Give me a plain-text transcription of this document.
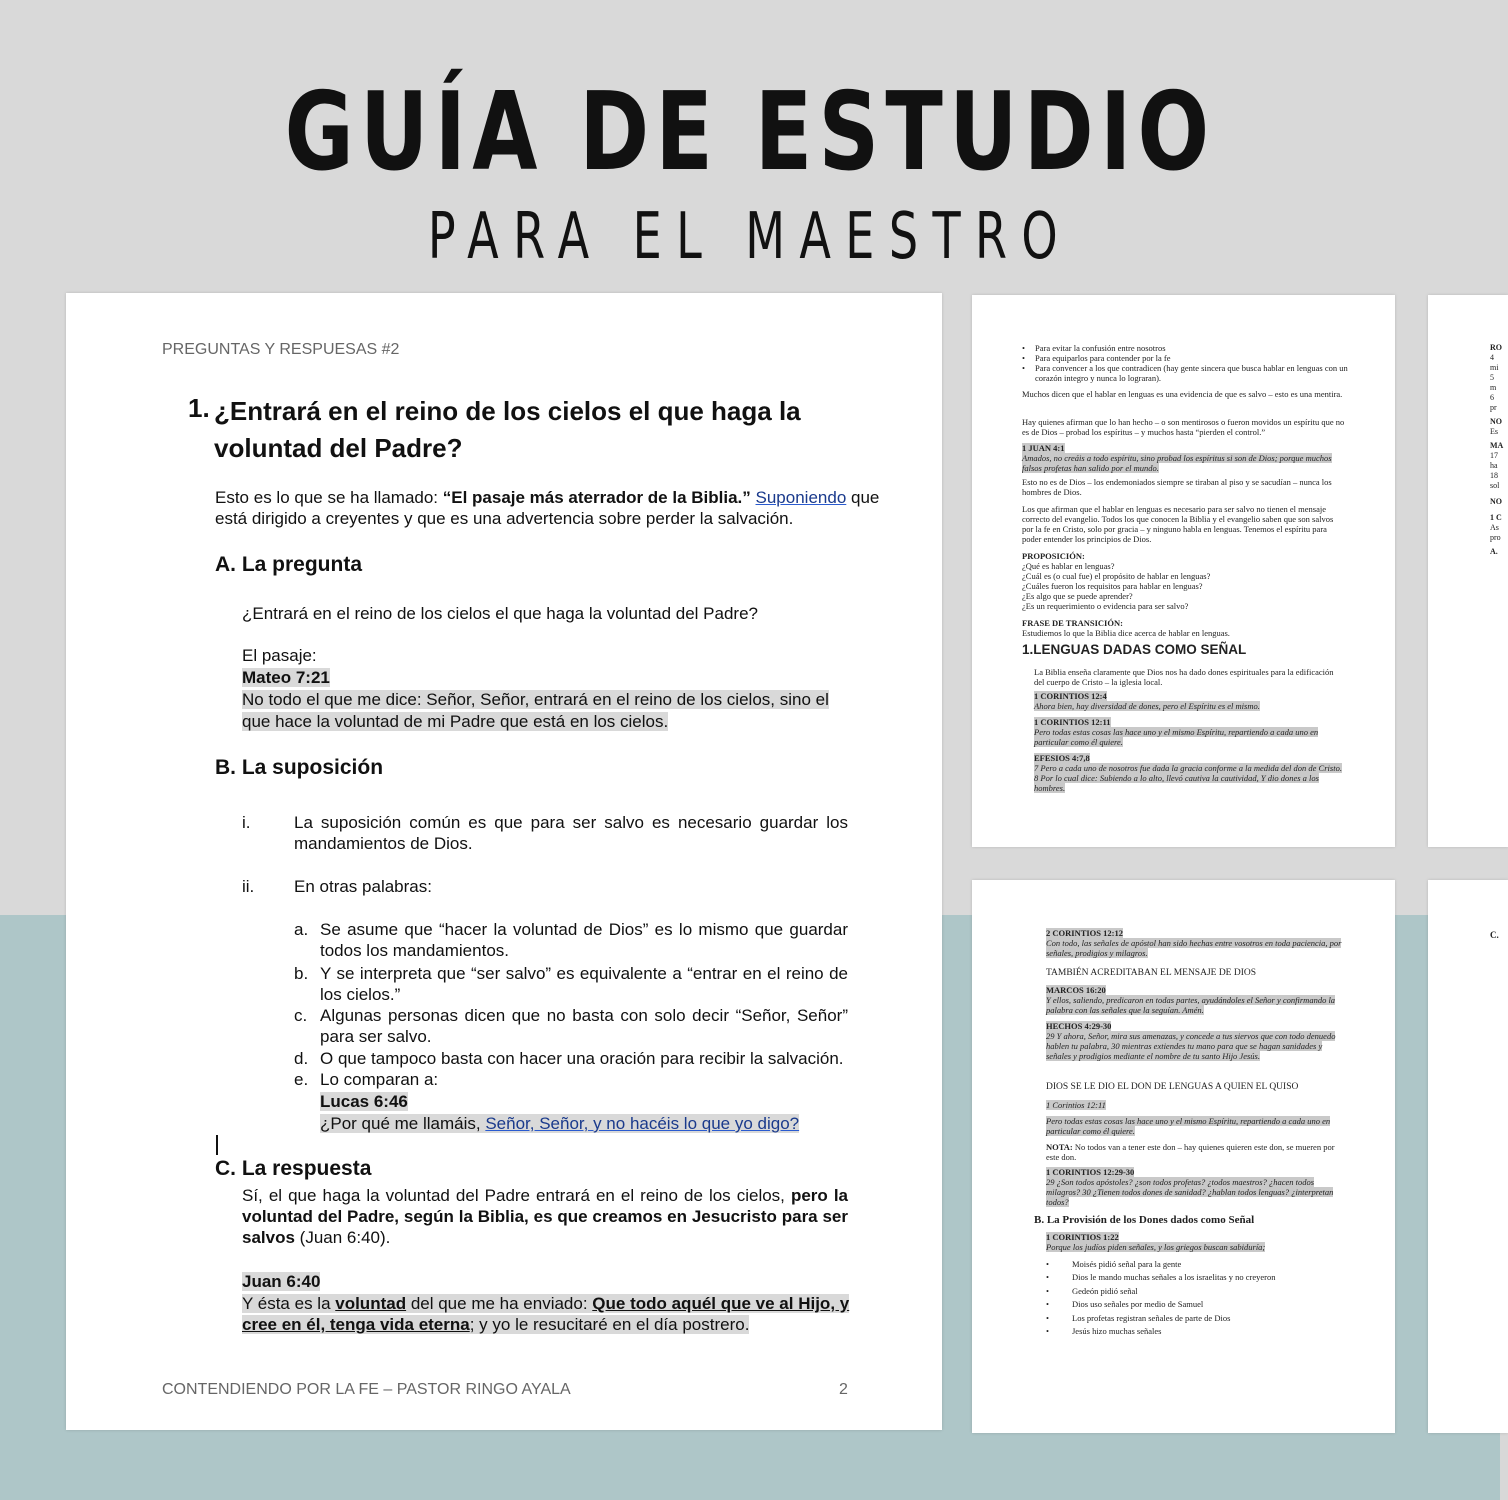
GUÍA DE ESTUDIO
PARA EL MAESTRO
PREGUNTAS Y RESPUESAS #2
1. ¿Entrará en el reino de los cielos el que haga la voluntad del Padre?
Esto es lo que se ha llamado: “El pasaje más aterrador de la Biblia.” Suponiendo que está dirigido a creyentes y que es una advertencia sobre perder la salvación.
A. La pregunta
¿Entrará en el reino de los cielos el que haga la voluntad del Padre?
El pasaje:
Mateo 7:21
No todo el que me dice: Señor, Señor, entrará en el reino de los cielos, sino el
que hace la voluntad de mi Padre que está en los cielos.
B. La suposición
i.	La suposición común es que para ser salvo es necesario guardar los mandamientos de Dios.
ii. En otras palabras:
a. Se asume que “hacer la voluntad de Dios” es lo mismo que guardar todos los mandamientos.
b. Y se interpreta que “ser salvo” es equivalente a “entrar en el reino de los cielos.”
c. Algunas personas dicen que no basta con solo decir “Señor, Señor” para ser salvo.
d. O que tampoco basta con hacer una oración para recibir la salvación.
e. Lo comparan a:
Lucas 6:46
¿Por qué me llamáis, Señor, Señor, y no hacéis lo que yo digo?
C. La respuesta
Sí, el que haga la voluntad del Padre entrará en el reino de los cielos, pero la voluntad del Padre, según la Biblia, es que creamos en Jesucristo para ser salvos (Juan 6:40).
Juan 6:40
Y ésta es la voluntad del que me ha enviado: Que todo aquél que ve al Hijo, y cree en él, tenga vida eterna; y yo le resucitaré en el día postrero.
CONTENDIENDO POR LA FE – PASTOR RINGO AYALA	2
•	Para evitar la confusión entre nosotros
•	Para equiparlos para contender por la fe
•	Para convencer a los que contradicen (hay gente sincera que busca hablar en lenguas con un corazón integro y nunca lo lograran).
Muchos dicen que el hablar en lenguas es una evidencia de que es salvo – esto es una mentira.
Hay quienes afirman que lo han hecho – o son mentirosos o fueron movidos un espíritu que no es de Dios – probad los espíritus – y muchos hasta “pierden el control.”
1 JUAN 4:1
Amados, no creáis a todo espíritu, sino probad los espíritus si son de Dios; porque muchos falsos profetas han salido por el mundo.
Esto no es de Dios – los endemoniados siempre se tiraban al piso y se sacudían – nunca los hombres de Dios.
Los que afirman que el hablar en lenguas es necesario para ser salvo no tienen el mensaje correcto del evangelio. Todos los que conocen la Biblia y el evangelio saben que son salvos por la fe en Cristo, solo por gracia – y ninguno habla en lenguas. Tenemos el espíritu para poder entender los principios de Dios.
PROPOSICIÓN:
¿Qué es hablar en lenguas?
¿Cuál es (o cual fue) el propósito de hablar en lenguas?
¿Cuáles fueron los requisitos para hablar en lenguas?
¿Es algo que se puede aprender?
¿Es un requerimiento o evidencia para ser salvo?
FRASE DE TRANSICIÓN:
Estudiemos lo que la Biblia dice acerca de hablar en lenguas.
1.LENGUAS DADAS COMO SEÑAL
La Biblia enseña claramente que Dios nos ha dado dones espirituales para la edificación del cuerpo de Cristo – la iglesia local.
1 CORINTIOS 12:4
Ahora bien, hay diversidad de dones, pero el Espíritu es el mismo.
1 CORINTIOS 12:11
Pero todas estas cosas las hace uno y el mismo Espíritu, repartiendo a cada uno en particular como él quiere.
EFESIOS 4:7,8
7 Pero a cada uno de nosotros fue dada la gracia conforme a la medida del don de Cristo. 8 Por lo cual dice: Subiendo a lo alto, llevó cautiva la cautividad, Y dio dones a los hombres.
2 CORINTIOS 12:12
Con todo, las señales de apóstol han sido hechas entre vosotros en toda paciencia, por señales, prodigios y milagros.
TAMBIÉN ACREDITABAN EL MENSAJE DE DIOS
MARCOS 16:20
Y ellos, saliendo, predicaron en todas partes, ayudándoles el Señor y confirmando la palabra con las señales que la seguían. Amén.
HECHOS 4:29-30
29 Y ahora, Señor, mira sus amenazas, y concede a tus siervos que con todo denuedo hablen tu palabra, 30 mientras extiendes tu mano para que se hagan sanidades y señales y prodigios mediante el nombre de tu santo Hijo Jesús.
DIOS SE LE DIO EL DON DE LENGUAS A QUIEN EL QUISO
1 Corintios 12:11
Pero todas estas cosas las hace uno y el mismo Espíritu, repartiendo a cada uno en particular como él quiere.
NOTA: No todos van a tener este don – hay quienes quieren este don, se mueren por este don.
1 CORINTIOS 12:29-30
29 ¿Son todos apóstoles? ¿son todos profetas? ¿todos maestros? ¿hacen todos milagros? 30 ¿Tienen todos dones de sanidad? ¿hablan todos lenguas? ¿interpretan todos?
B. La Provisión de los Dones dados como Señal
1 CORINTIOS 1:22
Porque los judíos piden señales, y los griegos buscan sabiduría;
•	Moisés pidió señal para la gente
•	Dios le mando muchas señales a los israelitas y no creyeron
•	Gedeón pidió señal
•	Dios uso señales por medio de Samuel
•	Los profetas registran señales de parte de Dios
•	Jesús hizo muchas señales
RO
4
mi
5
m
6
pr
NO
Es
MA
17
ha
18
sol
NO
1 C
As
pro
A.
C.
